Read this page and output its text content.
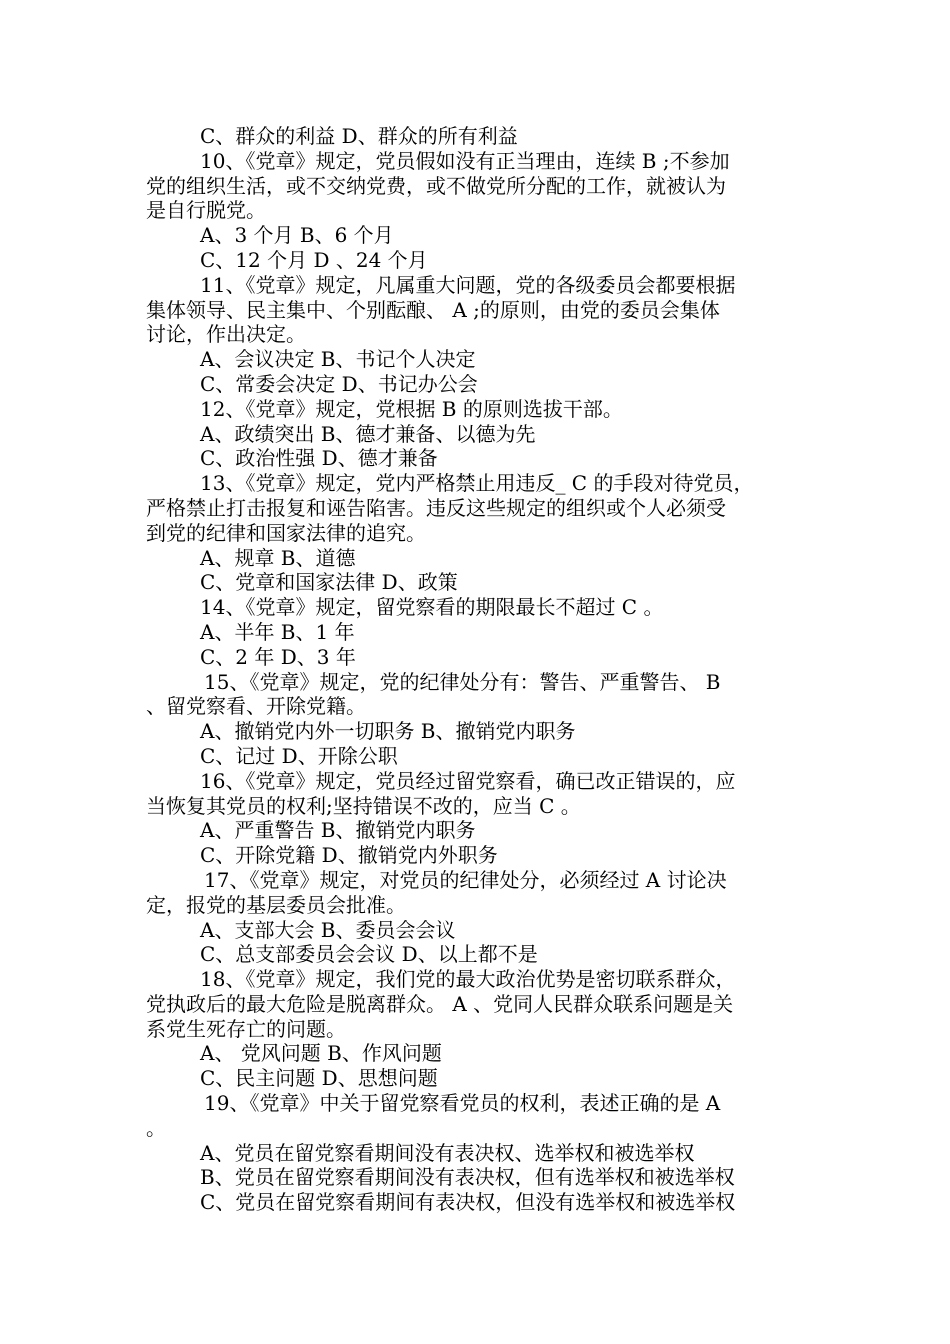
C、群众的利益 D、群众的所有利益
10、《党章》规定，党员假如没有正当理由，连续 B ;不参加
党的组织生活，或不交纳党费，或不做党所分配的工作，就被认为
是自行脱党。
A、3 个月 B、6 个月
C、12 个月 D 、24 个月
11、《党章》规定，凡属重大问题，党的各级委员会都要根据
集体领导、民主集中、个别酝酿、 A ;的原则，由党的委员会集体
讨论，作出决定。
A、会议决定 B、书记个人决定
C、常委会决定 D、书记办公会
12、《党章》规定，党根据 B 的原则选拔干部。
A、政绩突出 B、德才兼备、以德为先
C、政治性强 D、德才兼备
13、《党章》规定，党内严格禁止用违反_ C 的手段对待党员，
严格禁止打击报复和诬告陷害。违反这些规定的组织或个人必须受
到党的纪律和国家法律的追究。
A、规章 B、道德
C、党章和国家法律 D、政策
14、《党章》规定，留党察看的期限最长不超过 C 。
A、半年 B、1 年
C、2 年 D、3 年
15、《党章》规定，党的纪律处分有：警告、严重警告、 B
、留党察看、开除党籍。
A、撤销党内外一切职务 B、撤销党内职务
C、记过 D、开除公职
16、《党章》规定，党员经过留党察看，确已改正错误的，应
当恢复其党员的权利;坚持错误不改的，应当 C 。
A、严重警告 B、撤销党内职务
C、开除党籍 D、撤销党内外职务
17、《党章》规定，对党员的纪律处分，必须经过 A 讨论决
定，报党的基层委员会批准。
A、支部大会 B、委员会会议
C、总支部委员会会议 D、以上都不是
18、《党章》规定，我们党的最大政治优势是密切联系群众，
党执政后的最大危险是脱离群众。 A 、党同人民群众联系问题是关
系党生死存亡的问题。
A、 党风问题 B、作风问题
C、民主问题 D、思想问题
19、《党章》中关于留党察看党员的权利，表述正确的是 A
。
A、党员在留党察看期间没有表决权、选举权和被选举权
B、党员在留党察看期间没有表决权，但有选举权和被选举权
C、党员在留党察看期间有表决权，但没有选举权和被选举权
